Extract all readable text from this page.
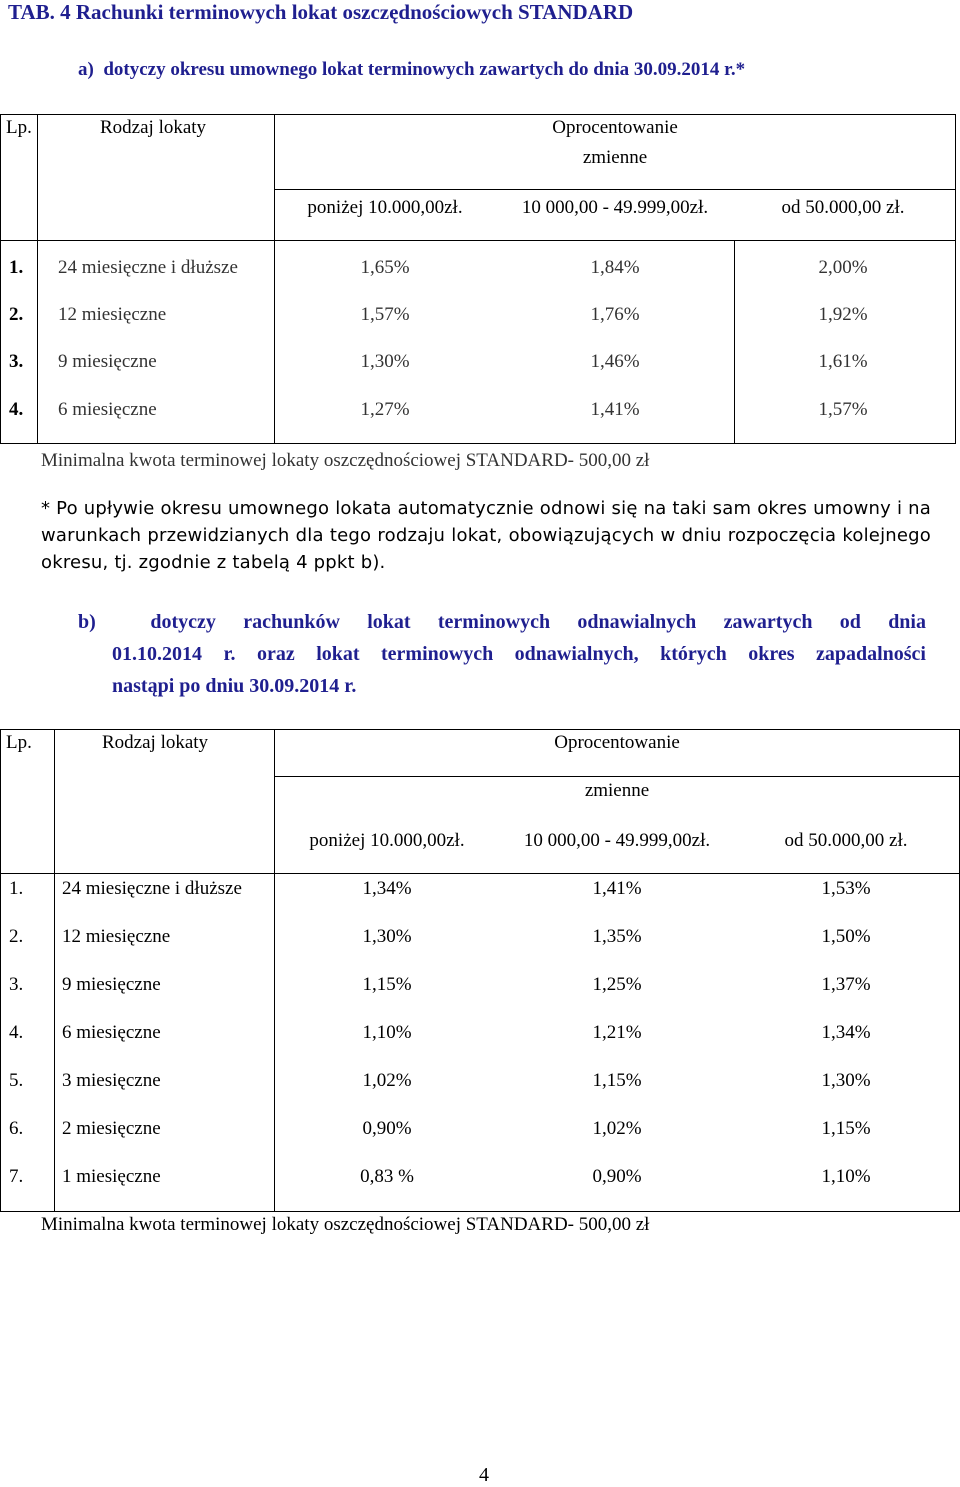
TAB. 4 Rachunki terminowych lokat oszczędnościowych STANDARD
a)  dotyczy okresu umownego lokat terminowych zawartych do dnia 30.09.2014 r.*
Lp.	Rodzaj lokaty	Oprocentowanie
zmienne
poniżej 10.000,00zł.	10 000,00 - 49.999,00zł.	od 50.000,00 zł.
1. 24 miesięczne i dłuższe	1,65%	1,84%	2,00%
2. 12 miesięczne	1,57%	1,76%	1,92%
3. 9 miesięczne	1,30%	1,46%	1,61%
4. 6 miesięczne	1,27%	1,41%	1,57%
Minimalna kwota terminowej lokaty oszczędnościowej STANDARD- 500,00 zł
* Po upływie okresu umownego lokata automatycznie odnowi się na taki sam okres umowny i na warunkach przewidzianych dla tego rodzaju lokat, obowiązujących w dniu rozpoczęcia kolejnego okresu, tj. zgodnie z tabelą 4 ppkt b).
b)  dotyczy rachunków lokat terminowych odnawialnych zawartych od dnia
01.10.2014 r. oraz lokat terminowych odnawialnych, których okres zapadalności
nastąpi po dniu 30.09.2014 r.
Lp.	Rodzaj lokaty	Oprocentowanie
zmienne
poniżej 10.000,00zł.	10 000,00 - 49.999,00zł.	od 50.000,00 zł.
1. 24 miesięczne i dłuższe	1,34%	1,41%	1,53%
2. 12 miesięczne	1,30%	1,35%	1,50%
3. 9 miesięczne	1,15%	1,25%	1,37%
4. 6 miesięczne	1,10%	1,21%	1,34%
5. 3 miesięczne	1,02%	1,15%	1,30%
6. 2 miesięczne	0,90%	1,02%	1,15%
7. 1 miesięczne	0,83 %	0,90%	1,10%
Minimalna kwota terminowej lokaty oszczędnościowej STANDARD- 500,00 zł
4
